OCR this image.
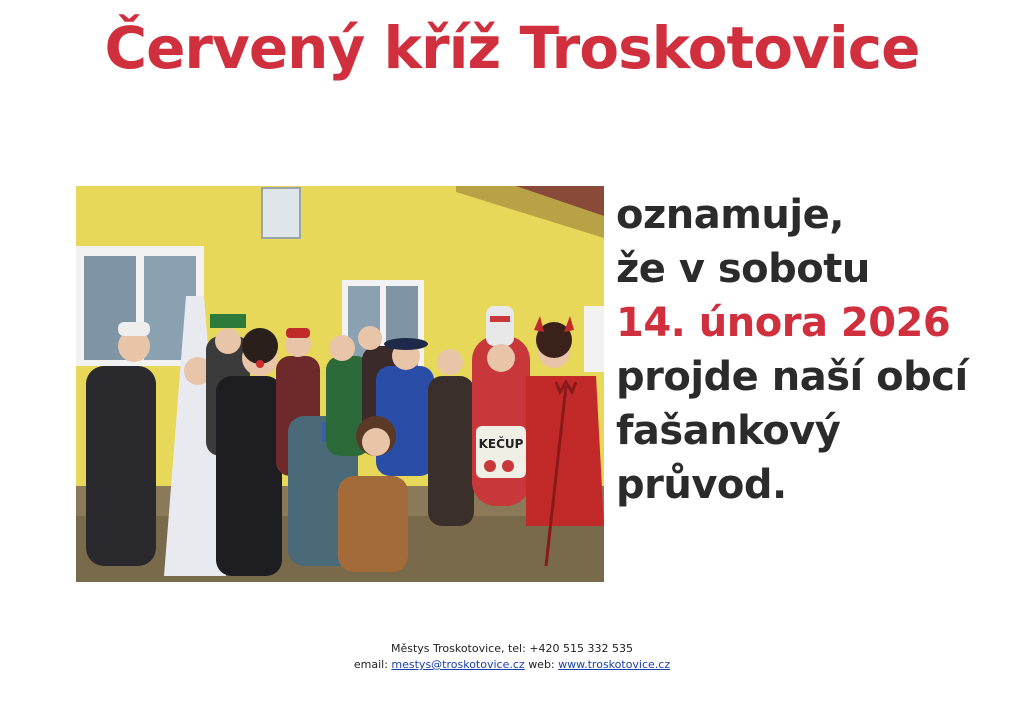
Červený kříž Troskotovice
KEČUP
oznamuje,
že v sobotu
14. února 2026
projde naší obcí
fašankový
průvod.
Městys Troskotovice, tel: +420 515 332 535
email: mestys@troskotovice.cz web: www.troskotovice.cz
